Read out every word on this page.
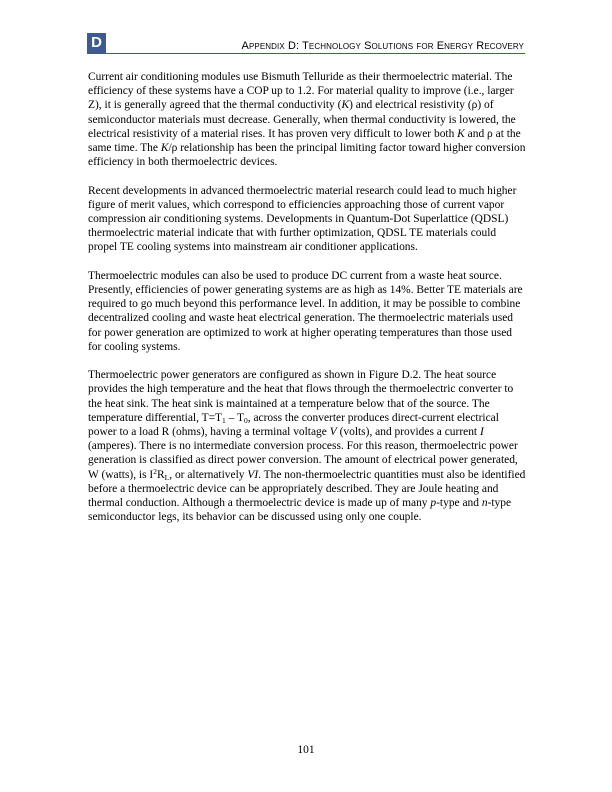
D	Appendix D: Technology Solutions for Energy Recovery

Current air conditioning modules use Bismuth Telluride as their thermoelectric material. The efficiency of these systems have a COP up to 1.2. For material quality to improve (i.e., larger Z), it is generally agreed that the thermal conductivity (K) and electrical resistivity (ρ) of semiconductor materials must decrease. Generally, when thermal conductivity is lowered, the electrical resistivity of a material rises. It has proven very difficult to lower both K and ρ at the same time. The K/ρ relationship has been the principal limiting factor toward higher conversion efficiency in both thermoelectric devices.

Recent developments in advanced thermoelectric material research could lead to much higher figure of merit values, which correspond to efficiencies approaching those of current vapor compression air conditioning systems. Developments in Quantum-Dot Superlattice (QDSL) thermoelectric material indicate that with further optimization, QDSL TE materials could propel TE cooling systems into mainstream air conditioner applications.

Thermoelectric modules can also be used to produce DC current from a waste heat source. Presently, efficiencies of power generating systems are as high as 14%. Better TE materials are required to go much beyond this performance level. In addition, it may be possible to combine decentralized cooling and waste heat electrical generation. The thermoelectric materials used for power generation are optimized to work at higher operating temperatures than those used for cooling systems.

Thermoelectric power generators are configured as shown in Figure D.2. The heat source provides the high temperature and the heat that flows through the thermoelectric converter to the heat sink. The heat sink is maintained at a temperature below that of the source. The temperature differential, $T=T_1 - T_0$, across the converter produces direct-current electrical power to a load R (ohms), having a terminal voltage V (volts), and provides a current I (amperes). There is no intermediate conversion process. For this reason, thermoelectric power generation is classified as direct power conversion. The amount of electrical power generated, W (watts), is $I^2R_L$, or alternatively VI. The non-thermoelectric quantities must also be identified before a thermoelectric device can be appropriately described. They are Joule heating and thermal conduction. Although a thermoelectric device is made up of many p-type and n-type semiconductor legs, its behavior can be discussed using only one couple.

101
